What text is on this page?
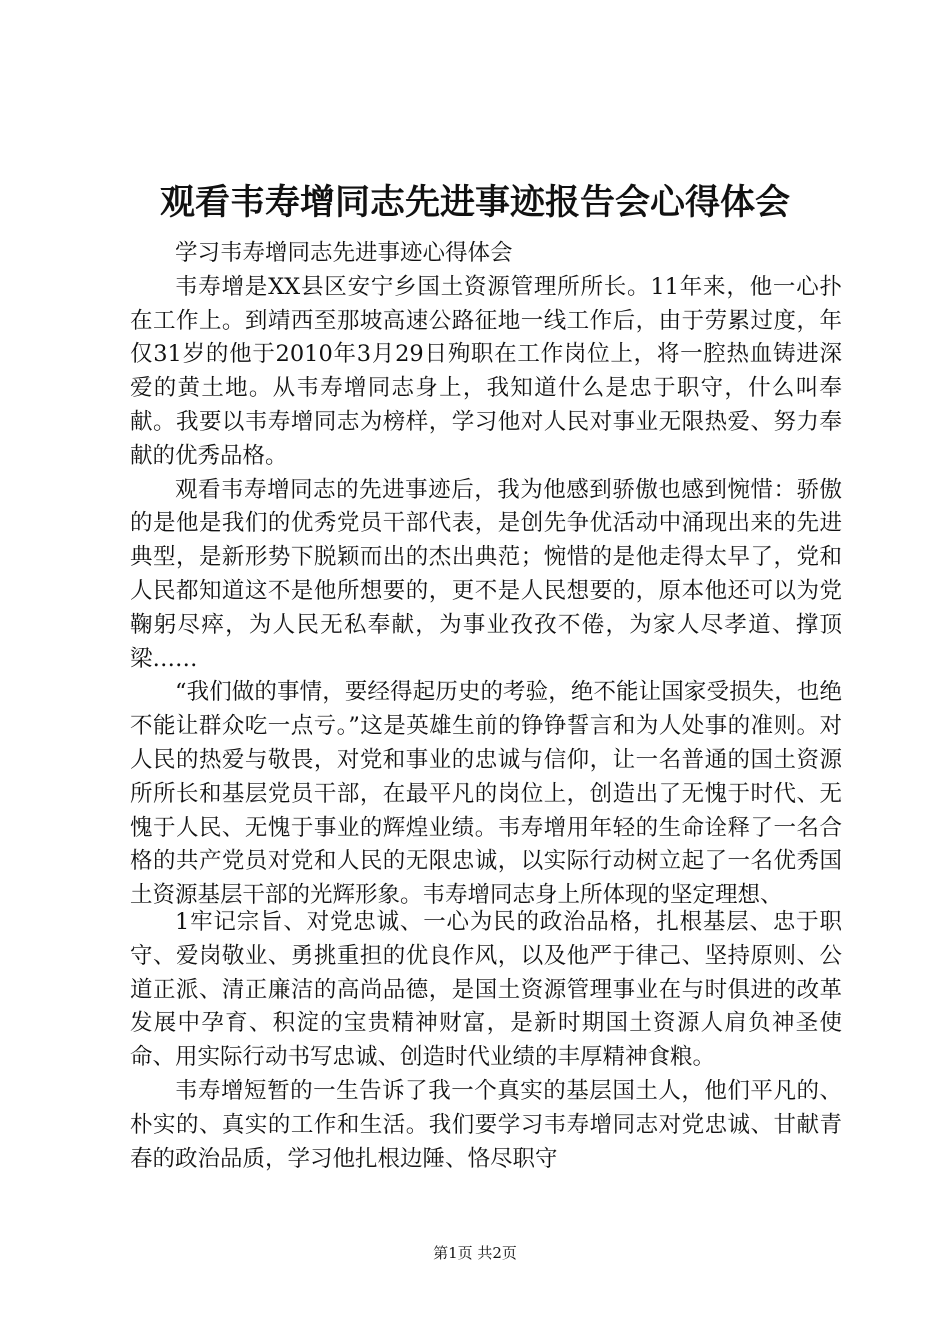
观看韦寿增同志先进事迹报告会心得体会

学习韦寿增同志先进事迹心得体会

韦寿增是XX县区安宁乡国土资源管理所所长。11年来，他一心扑在工作上。到靖西至那坡高速公路征地一线工作后，由于劳累过度，年仅31岁的他于2010年3月29日殉职在工作岗位上，将一腔热血铸进深爱的黄土地。从韦寿增同志身上，我知道什么是忠于职守，什么叫奉献。我要以韦寿增同志为榜样，学习他对人民对事业无限热爱、努力奉献的优秀品格。

观看韦寿增同志的先进事迹后，我为他感到骄傲也感到惋惜：骄傲的是他是我们的优秀党员干部代表，是创先争优活动中涌现出来的先进典型，是新形势下脱颖而出的杰出典范；惋惜的是他走得太早了，党和人民都知道这不是他所想要的，更不是人民想要的，原本他还可以为党鞠躬尽瘁，为人民无私奉献，为事业孜孜不倦，为家人尽孝道、撑顶梁……

“我们做的事情，要经得起历史的考验，绝不能让国家受损失，也绝不能让群众吃一点亏。”这是英雄生前的铮铮誓言和为人处事的准则。对人民的热爱与敬畏，对党和事业的忠诚与信仰，让一名普通的国土资源所所长和基层党员干部，在最平凡的岗位上，创造出了无愧于时代、无愧于人民、无愧于事业的辉煌业绩。韦寿增用年轻的生命诠释了一名合格的共产党员对党和人民的无限忠诚，以实际行动树立起了一名优秀国土资源基层干部的光辉形象。韦寿增同志身上所体现的坚定理想、

1牢记宗旨、对党忠诚、一心为民的政治品格，扎根基层、忠于职守、爱岗敬业、勇挑重担的优良作风，以及他严于律己、坚持原则、公道正派、清正廉洁的高尚品德，是国土资源管理事业在与时俱进的改革发展中孕育、积淀的宝贵精神财富，是新时期国土资源人肩负神圣使命、用实际行动书写忠诚、创造时代业绩的丰厚精神食粮。

韦寿增短暂的一生告诉了我一个真实的基层国土人，他们平凡的、朴实的、真实的工作和生活。我们要学习韦寿增同志对党忠诚、甘献青春的政治品质，学习他扎根边陲、恪尽职守

第1页 共2页
